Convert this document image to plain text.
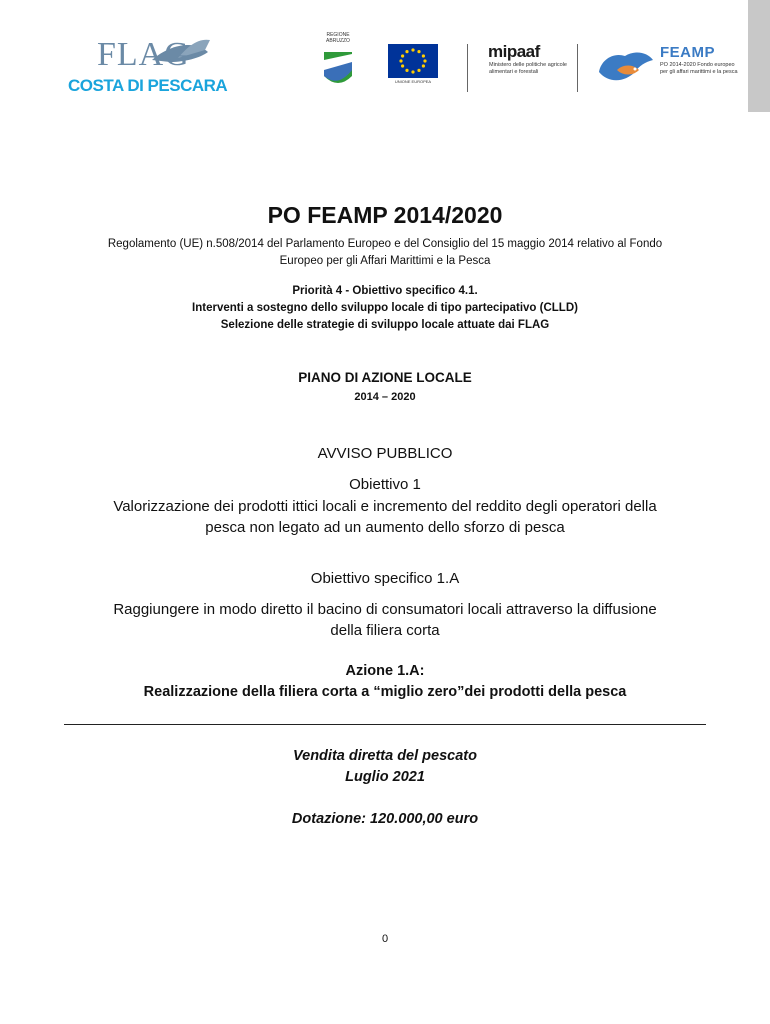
FLAG
COSTA DI PESCARA
REGIONE ABRUZZO
UNIONE EUROPEA
mipaaf
Ministero delle politiche agricole alimentari e forestali
FEAMP
PO 2014-2020 Fondo europeo per gli affari marittimi e la pesca
PO FEAMP 2014/2020
Regolamento (UE) n.508/2014 del Parlamento Europeo e del Consiglio del 15 maggio 2014 relativo al Fondo
Europeo per gli Affari Marittimi e la Pesca
Priorità 4 - Obiettivo specifico 4.1.
Interventi a sostegno dello sviluppo locale di tipo partecipativo (CLLD)
Selezione delle strategie di sviluppo locale attuate dai FLAG
PIANO DI AZIONE LOCALE
2014 – 2020
AVVISO PUBBLICO
Obiettivo 1
Valorizzazione dei prodotti ittici locali e incremento del reddito degli operatori della
pesca non legato ad un aumento dello sforzo di pesca
Obiettivo specifico 1.A
Raggiungere in modo diretto il bacino di consumatori locali attraverso la diffusione
della filiera corta
Azione 1.A:
Realizzazione della filiera corta a “miglio zero”dei prodotti della pesca
Vendita diretta del pescato
Luglio 2021
Dotazione: 120.000,00 euro
0
